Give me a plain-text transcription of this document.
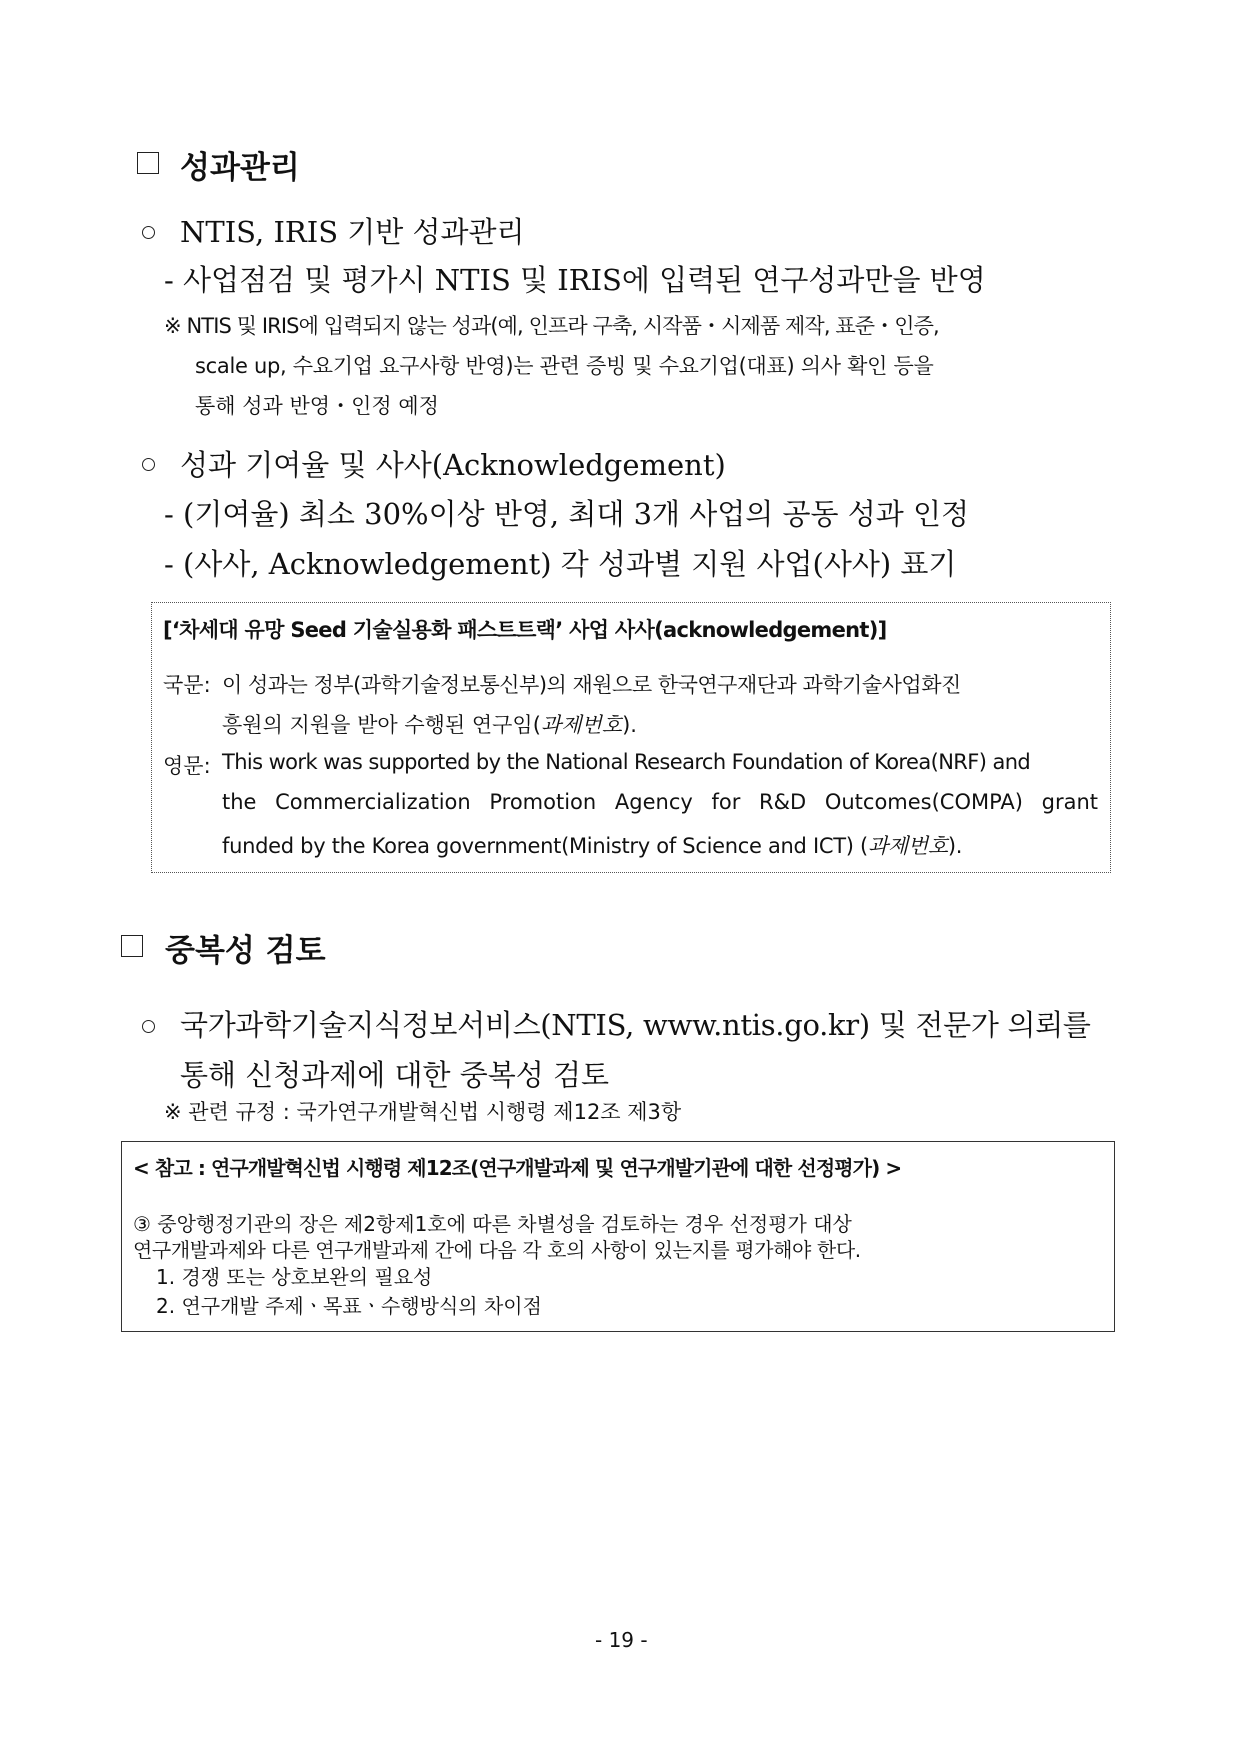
성과관리
NTIS, IRIS 기반 성과관리
- 사업점검 및 평가시 NTIS 및 IRIS에 입력된 연구성과만을 반영
※ NTIS 및 IRIS에 입력되지 않는 성과(예, 인프라 구축, 시작품・시제품 제작, 표준・인증,
scale up, 수요기업 요구사항 반영)는 관련 증빙 및 수요기업(대표) 의사 확인 등을
통해 성과 반영・인정 예정
성과 기여율 및 사사(Acknowledgement)
- (기여율) 최소 30%이상 반영, 최대 3개 사업의 공동 성과 인정
- (사사, Acknowledgement) 각 성과별 지원 사업(사사) 표기
[‘차세대 유망 Seed 기술실용화 패스트트랙’ 사업 사사(acknowledgement)]
국문: 이 성과는 정부(과학기술정보통신부)의 재원으로 한국연구재단과 과학기술사업화진
흥원의 지원을 받아 수행된 연구임(과제번호).
영문: This work was supported by the National Research Foundation of Korea(NRF) and
the Commercialization Promotion Agency for R&D Outcomes(COMPA) grant
funded by the Korea government(Ministry of Science and ICT) (과제번호).
중복성 검토
국가과학기술지식정보서비스(NTIS, www.ntis.go.kr) 및 전문가 의뢰를
통해 신청과제에 대한 중복성 검토
※ 관련 규정 : 국가연구개발혁신법 시행령 제12조 제3항
< 참고 : 연구개발혁신법 시행령 제12조(연구개발과제 및 연구개발기관에 대한 선정평가) >
③ 중앙행정기관의 장은 제2항제1호에 따른 차별성을 검토하는 경우 선정평가 대상
연구개발과제와 다른 연구개발과제 간에 다음 각 호의 사항이 있는지를 평가해야 한다.
1. 경쟁 또는 상호보완의 필요성
2. 연구개발 주제ㆍ목표ㆍ수행방식의 차이점
- 19 -
